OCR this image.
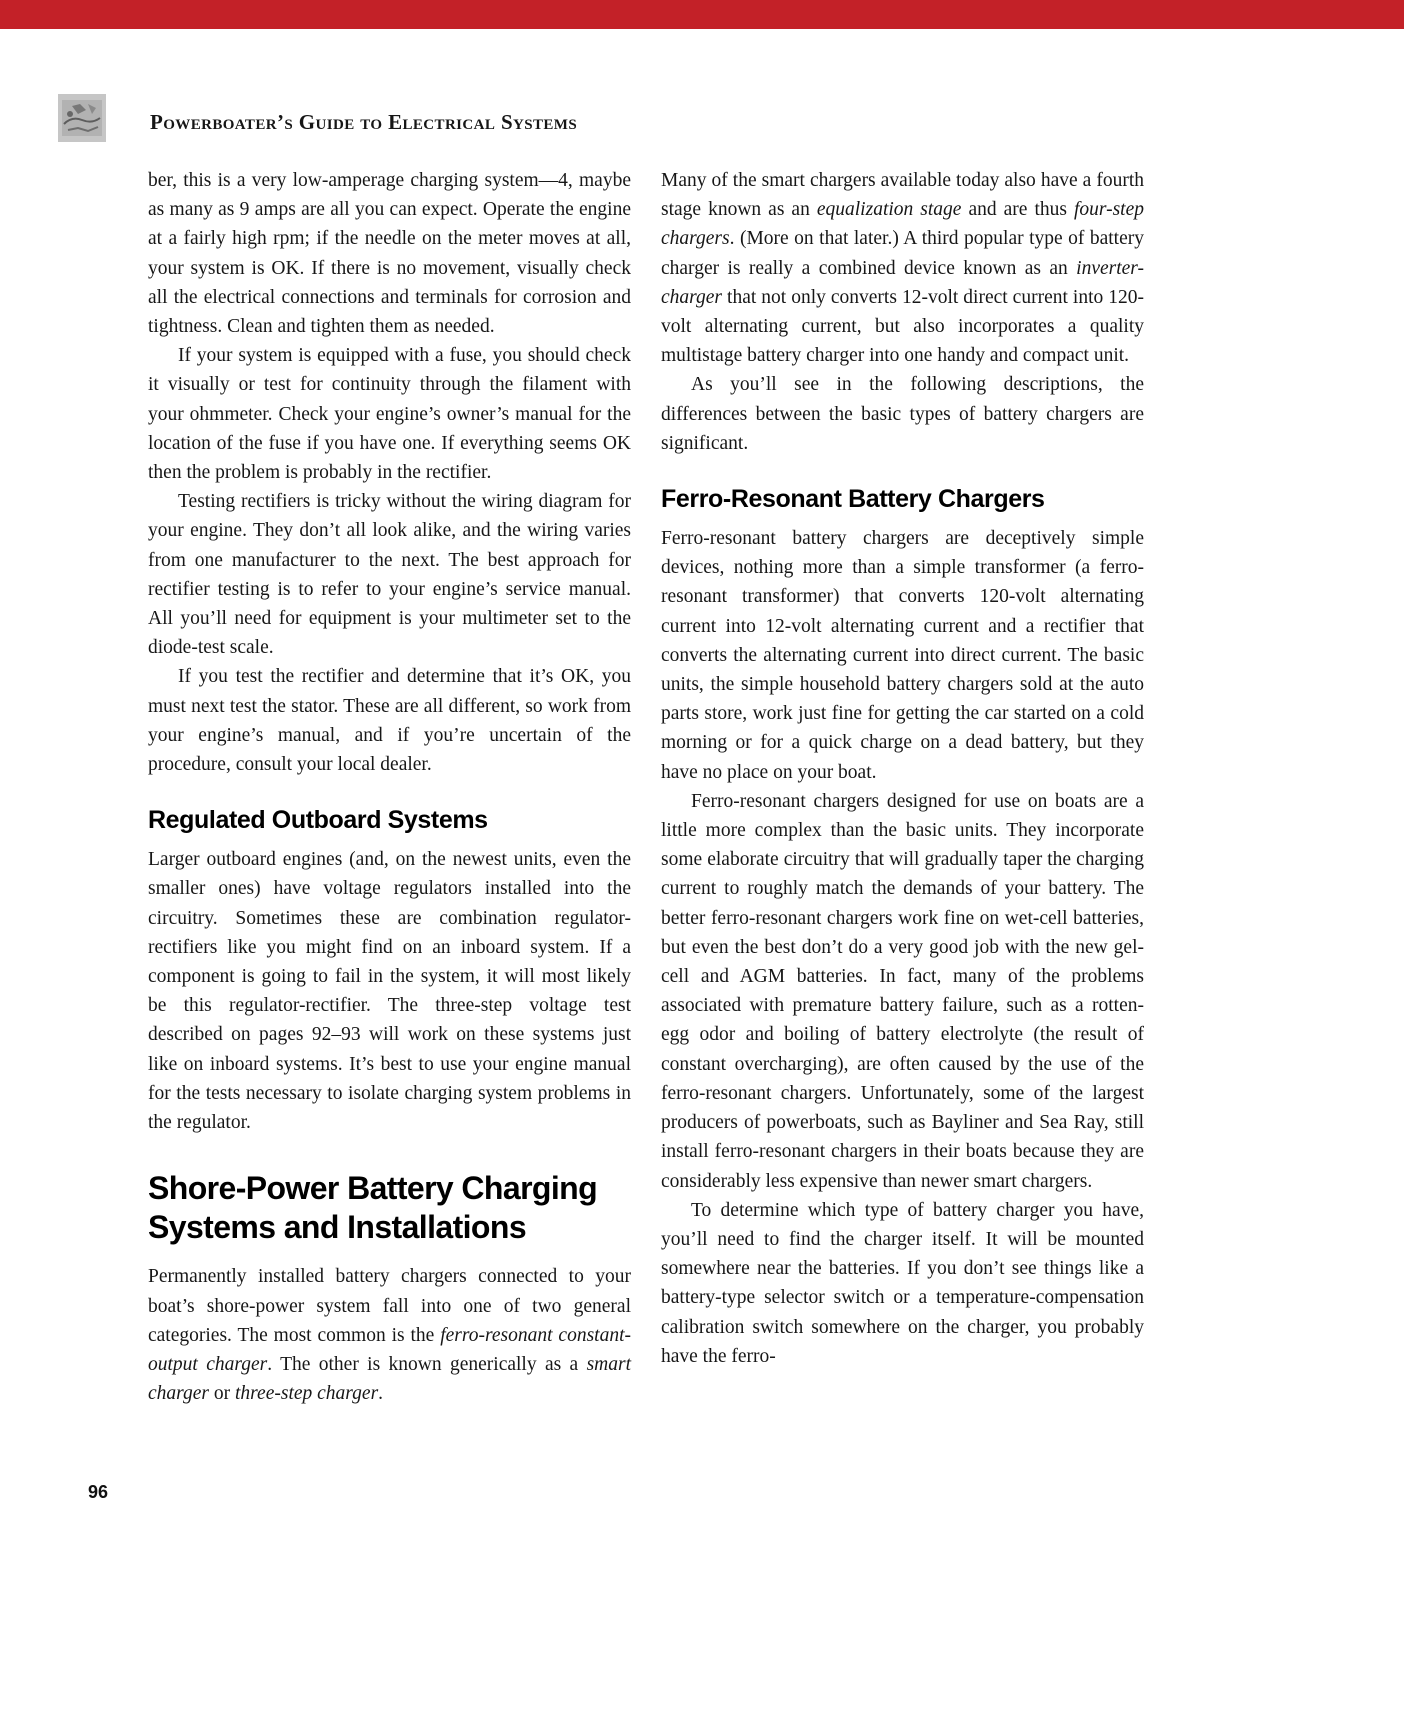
Powerboater’s Guide to Electrical Systems

ber, this is a very low-amperage charging system—4, maybe as many as 9 amps are all you can expect. Operate the engine at a fairly high rpm; if the needle on the meter moves at all, your system is OK. If there is no movement, visually check all the electrical connections and terminals for corrosion and tightness. Clean and tighten them as needed.

If your system is equipped with a fuse, you should check it visually or test for continuity through the filament with your ohmmeter. Check your engine’s owner’s manual for the location of the fuse if you have one. If everything seems OK then the problem is probably in the rectifier.

Testing rectifiers is tricky without the wiring diagram for your engine. They don’t all look alike, and the wiring varies from one manufacturer to the next. The best approach for rectifier testing is to refer to your engine’s service manual. All you’ll need for equipment is your multimeter set to the diode-test scale.

If you test the rectifier and determine that it’s OK, you must next test the stator. These are all different, so work from your engine’s manual, and if you’re uncertain of the procedure, consult your local dealer.

Regulated Outboard Systems

Larger outboard engines (and, on the newest units, even the smaller ones) have voltage regulators installed into the circuitry. Sometimes these are combination regulator-rectifiers like you might find on an inboard system. If a component is going to fail in the system, it will most likely be this regulator-rectifier. The three-step voltage test described on pages 92–93 will work on these systems just like on inboard systems. It’s best to use your engine manual for the tests necessary to isolate charging system problems in the regulator.

Shore-Power Battery Charging Systems and Installations

Permanently installed battery chargers connected to your boat’s shore-power system fall into one of two general categories. The most common is the ferro-resonant constant-output charger. The other is known generically as a smart charger or three-step charger.

Many of the smart chargers available today also have a fourth stage known as an equalization stage and are thus four-step chargers. (More on that later.) A third popular type of battery charger is really a combined device known as an inverter-charger that not only converts 12-volt direct current into 120-volt alternating current, but also incorporates a quality multistage battery charger into one handy and compact unit.

As you’ll see in the following descriptions, the differences between the basic types of battery chargers are significant.

Ferro-Resonant Battery Chargers

Ferro-resonant battery chargers are deceptively simple devices, nothing more than a simple transformer (a ferro-resonant transformer) that converts 120-volt alternating current into 12-volt alternating current and a rectifier that converts the alternating current into direct current. The basic units, the simple household battery chargers sold at the auto parts store, work just fine for getting the car started on a cold morning or for a quick charge on a dead battery, but they have no place on your boat.

Ferro-resonant chargers designed for use on boats are a little more complex than the basic units. They incorporate some elaborate circuitry that will gradually taper the charging current to roughly match the demands of your battery. The better ferro-resonant chargers work fine on wet-cell batteries, but even the best don’t do a very good job with the new gel-cell and AGM batteries. In fact, many of the problems associated with premature battery failure, such as a rotten-egg odor and boiling of battery electrolyte (the result of constant overcharging), are often caused by the use of the ferro-resonant chargers. Unfortunately, some of the largest producers of powerboats, such as Bayliner and Sea Ray, still install ferro-resonant chargers in their boats because they are considerably less expensive than newer smart chargers.

To determine which type of battery charger you have, you’ll need to find the charger itself. It will be mounted somewhere near the batteries. If you don’t see things like a battery-type selector switch or a temperature-compensation calibration switch somewhere on the charger, you probably have the ferro-

96
